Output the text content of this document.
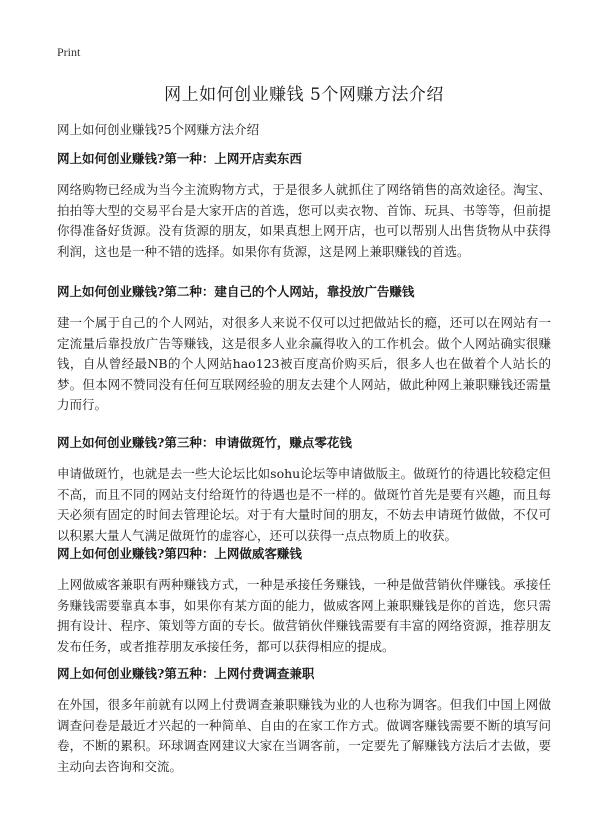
Print
网上如何创业赚钱 5个网赚方法介绍

网上如何创业赚钱?5个网赚方法介绍

网上如何创业赚钱?第一种：上网开店卖东西

网络购物已经成为当今主流购物方式，于是很多人就抓住了网络销售的高效途径。淘宝、拍拍等大型的交易平台是大家开店的首选，您可以卖衣物、首饰、玩具、书等等，但前提你得准备好货源。没有货源的朋友，如果真想上网开店，也可以帮别人出售货物从中获得利润，这也是一种不错的选择。如果你有货源，这是网上兼职赚钱的首选。

网上如何创业赚钱?第二种：建自己的个人网站，靠投放广告赚钱

建一个属于自己的个人网站，对很多人来说不仅可以过把做站长的瘾，还可以在网站有一定流量后靠投放广告等赚钱，这是很多人业余赢得收入的工作机会。做个人网站确实很赚钱，自从曾经最NB的个人网站hao123被百度高价购买后，很多人也在做着个人站长的梦。但本网不赞同没有任何互联网经验的朋友去建个人网站，做此种网上兼职赚钱还需量力而行。

网上如何创业赚钱?第三种：申请做斑竹，赚点零花钱

申请做斑竹，也就是去一些大论坛比如sohu论坛等申请做版主。做斑竹的待遇比较稳定但不高，而且不同的网站支付给斑竹的待遇也是不一样的。做斑竹首先是要有兴趣，而且每天必须有固定的时间去管理论坛。对于有大量时间的朋友，不妨去申请斑竹做做，不仅可以积累大量人气满足做斑竹的虚容心，还可以获得一点点物质上的收获。

网上如何创业赚钱?第四种：上网做威客赚钱

上网做威客兼职有两种赚钱方式，一种是承接任务赚钱，一种是做营销伙伴赚钱。承接任务赚钱需要靠真本事，如果你有某方面的能力，做威客网上兼职赚钱是你的首选，您只需拥有设计、程序、策划等方面的专长。做营销伙伴赚钱需要有丰富的网络资源，推荐朋友发布任务，或者推荐朋友承接任务，都可以获得相应的提成。

网上如何创业赚钱?第五种：上网付费调查兼职

在外国，很多年前就有以网上付费调查兼职赚钱为业的人也称为调客。但我们中国上网做调查问卷是最近才兴起的一种简单、自由的在家工作方式。做调客赚钱需要不断的填写问卷，不断的累积。环球调查网建议大家在当调客前，一定要先了解赚钱方法后才去做，要主动向去咨询和交流。
